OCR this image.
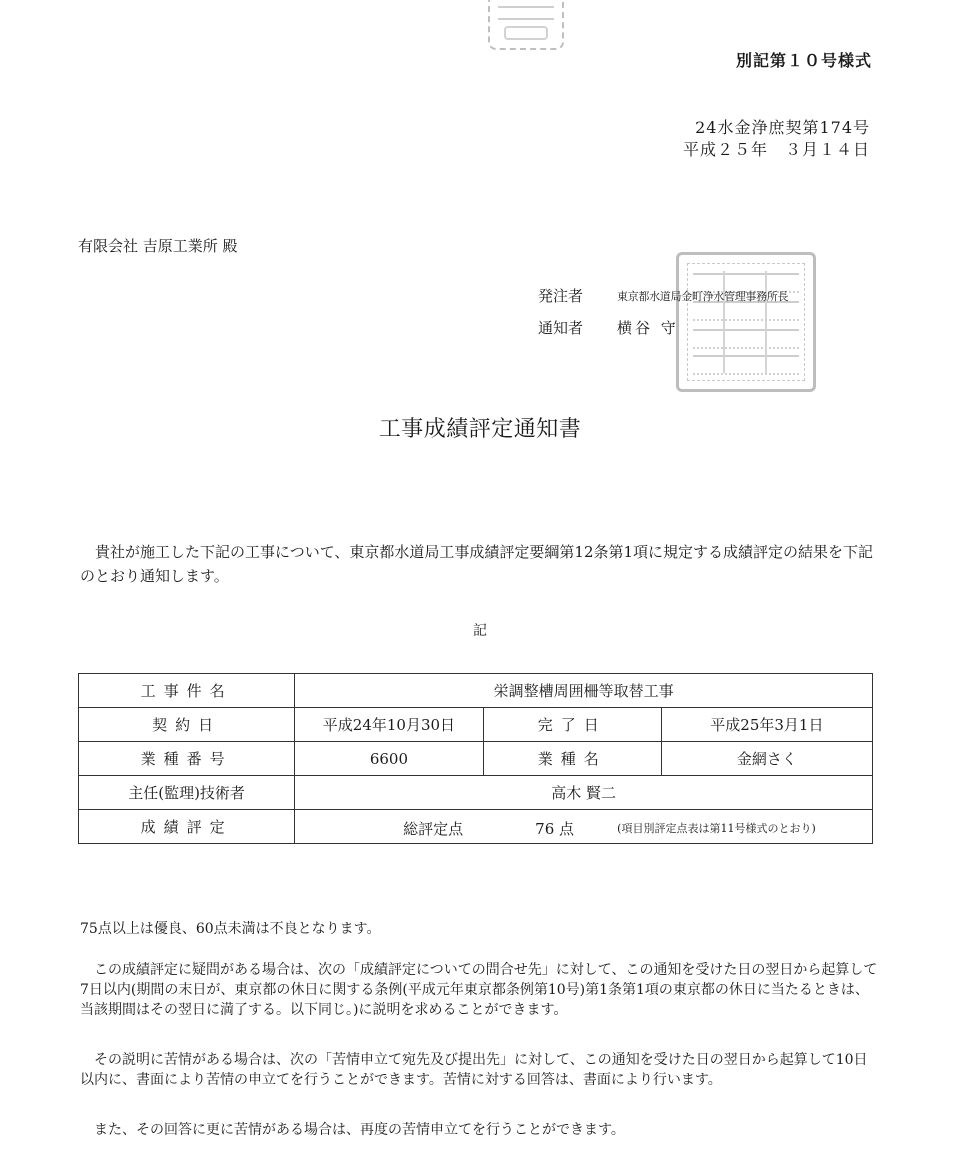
別記第１０号様式
24水金浄庶契第174号
平成２５年　３月１４日
有限会社 吉原工業所 殿
発注者	東京都水道局金町浄水管理事務所長
通知者 横谷 守
工事成績評定通知書
　貴社が施工した下記の工事について、東京都水道局工事成績評定要綱第12条第1項に規定する成績評定の結果を下記のとおり通知します。
記
工事件名	栄調整槽周囲柵等取替工事		
契約日	平成24年10月30日	完了日	平成25年3月1日
業種番号	6600	業種名	金網さく
主任(監理)技術者	高木 賢二		
成績評定	総評定点 76 点 (項目別評定点表は第11号様式のとおり)		
75点以上は優良、60点未満は不良となります。
　この成績評定に疑問がある場合は、次の「成績評定についての問合せ先」に対して、この通知を受けた日の翌日から起算して7日以内(期間の末日が、東京都の休日に関する条例(平成元年東京都条例第10号)第1条第1項の東京都の休日に当たるときは、当該期間はその翌日に満了する。以下同じ。)に説明を求めることができます。
　その説明に苦情がある場合は、次の「苦情申立て宛先及び提出先」に対して、この通知を受けた日の翌日から起算して10日以内に、書面により苦情の申立てを行うことができます。苦情に対する回答は、書面により行います。
　また、その回答に更に苦情がある場合は、再度の苦情申立てを行うことができます。
